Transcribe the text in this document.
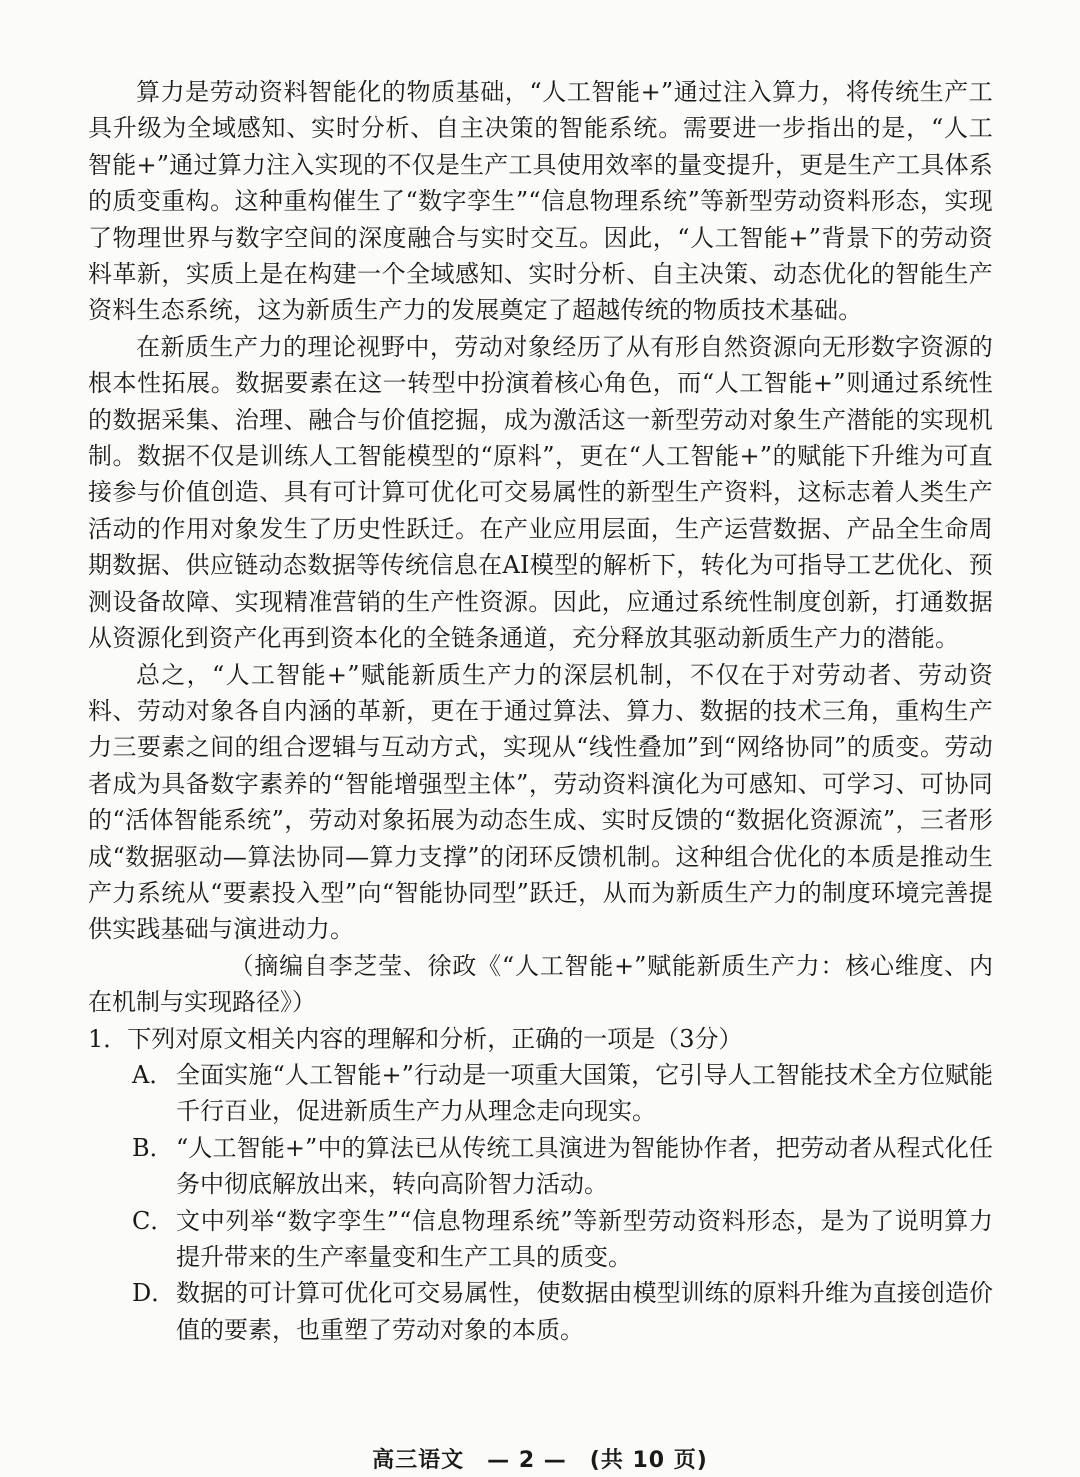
算力是劳动资料智能化的物质基础，“人工智能+”通过注入算力，将传统生产工具升级为全域感知、实时分析、自主决策的智能系统。需要进一步指出的是，“人工智能+”通过算力注入实现的不仅是生产工具使用效率的量变提升，更是生产工具体系的质变重构。这种重构催生了“数字孪生”“信息物理系统”等新型劳动资料形态，实现了物理世界与数字空间的深度融合与实时交互。因此，“人工智能+”背景下的劳动资料革新，实质上是在构建一个全域感知、实时分析、自主决策、动态优化的智能生产资料生态系统，这为新质生产力的发展奠定了超越传统的物质技术基础。

在新质生产力的理论视野中，劳动对象经历了从有形自然资源向无形数字资源的根本性拓展。数据要素在这一转型中扮演着核心角色，而“人工智能+”则通过系统性的数据采集、治理、融合与价值挖掘，成为激活这一新型劳动对象生产潜能的实现机制。数据不仅是训练人工智能模型的“原料”，更在“人工智能+”的赋能下升维为可直接参与价值创造、具有可计算可优化可交易属性的新型生产资料，这标志着人类生产活动的作用对象发生了历史性跃迁。在产业应用层面，生产运营数据、产品全生命周期数据、供应链动态数据等传统信息在AI模型的解析下，转化为可指导工艺优化、预测设备故障、实现精准营销的生产性资源。因此，应通过系统性制度创新，打通数据从资源化到资产化再到资本化的全链条通道，充分释放其驱动新质生产力的潜能。

总之，“人工智能+”赋能新质生产力的深层机制，不仅在于对劳动者、劳动资料、劳动对象各自内涵的革新，更在于通过算法、算力、数据的技术三角，重构生产力三要素之间的组合逻辑与互动方式，实现从“线性叠加”到“网络协同”的质变。劳动者成为具备数字素养的“智能增强型主体”，劳动资料演化为可感知、可学习、可协同的“活体智能系统”，劳动对象拓展为动态生成、实时反馈的“数据化资源流”，三者形成“数据驱动—算法协同—算力支撑”的闭环反馈机制。这种组合优化的本质是推动生产力系统从“要素投入型”向“智能协同型”跃迁，从而为新质生产力的制度环境完善提供实践基础与演进动力。

（摘编自李芝莹、徐政《“人工智能+”赋能新质生产力：核心维度、内在机制与实现路径》）

1．下列对原文相关内容的理解和分析，正确的一项是（3分）

A． 全面实施“人工智能+”行动是一项重大国策，它引导人工智能技术全方位赋能千行百业，促进新质生产力从理念走向现实。
B． “人工智能+”中的算法已从传统工具演进为智能协作者，把劳动者从程式化任务中彻底解放出来，转向高阶智力活动。
C． 文中列举“数字孪生”“信息物理系统”等新型劳动资料形态，是为了说明算力提升带来的生产率量变和生产工具的质变。
D． 数据的可计算可优化可交易属性，使数据由模型训练的原料升维为直接创造价值的要素，也重塑了劳动对象的本质。
高三语文　— 2 —　(共 10 页)
